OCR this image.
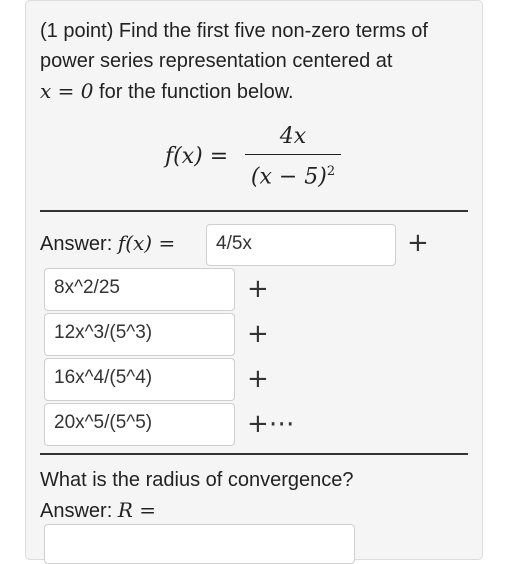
(1 point) Find the first five non-zero terms of power series representation centered at
x = 0 for the function below.
f(x) =
4x
$(x - 5)^2$
Answer: f(x) =	4/5x	+
8x^2/25	+
12x^3/(5^3)	+
16x^4/(5^4)	+
20x^5/(5^5)	+⋯
What is the radius of convergence?
Answer: R =
